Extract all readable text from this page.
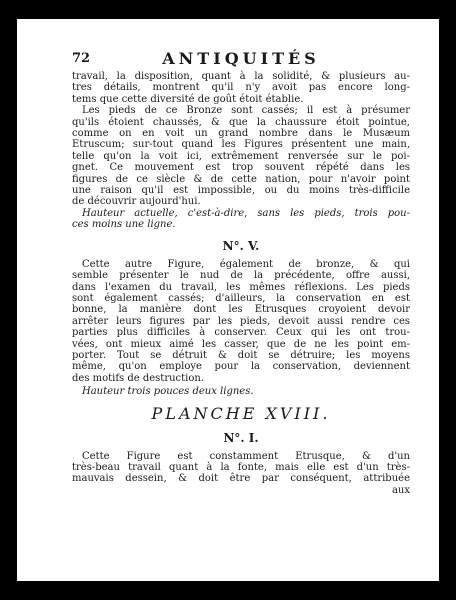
72	ANTIQUITÉS
travail, la disposition, quant à la solidité, & plusieurs au-
tres détails, montrent qu'il n'y avoit pas encore long-
tems que cette diversité de goût étoit établie.
Les pieds de ce Bronze sont cassés; il est à présumer
qu'ils étoient chaussés, & que la chaussure étoit pointue,
comme on en voit un grand nombre dans le Musæum
Etruscum; sur-tout quand les Figures présentent une main,
telle qu'on la voit ici, extrêmement renversée sur le poi-
gnet. Ce mouvement est trop souvent répété dans les
figures de ce siècle & de cette nation, pour n'avoir point
une raison qu'il est impossible, ou du moins très-difficile
de découvrir aujourd'hui.
Hauteur actuelle, c'est-à-dire, sans les pieds, trois pou-
ces moins une ligne.
N°. V.
Cette autre Figure, également de bronze, & qui
semble présenter le nud de la précédente, offre aussi,
dans l'examen du travail, les mêmes réflexions. Les pieds
sont également cassés; d'ailleurs, la conservation en est
bonne, la manière dont les Etrusques croyoient devoir
arrêter leurs figures par les pieds, devoit aussi rendre ces
parties plus difficiles à conserver. Ceux qui les ont trou-
vées, ont mieux aimé les casser, que de ne les point em-
porter. Tout se détruit & doit se détruire; les moyens
même, qu'on employe pour la conservation, deviennent
des motifs de destruction.
Hauteur trois pouces deux lignes.
PLANCHE XVIII.
N°. I.
Cette Figure est constamment Etrusque, & d'un
très-beau travail quant à la fonte, mais elle est d'un très-
mauvais dessein, & doit être par conséquent, attribuée
aux
